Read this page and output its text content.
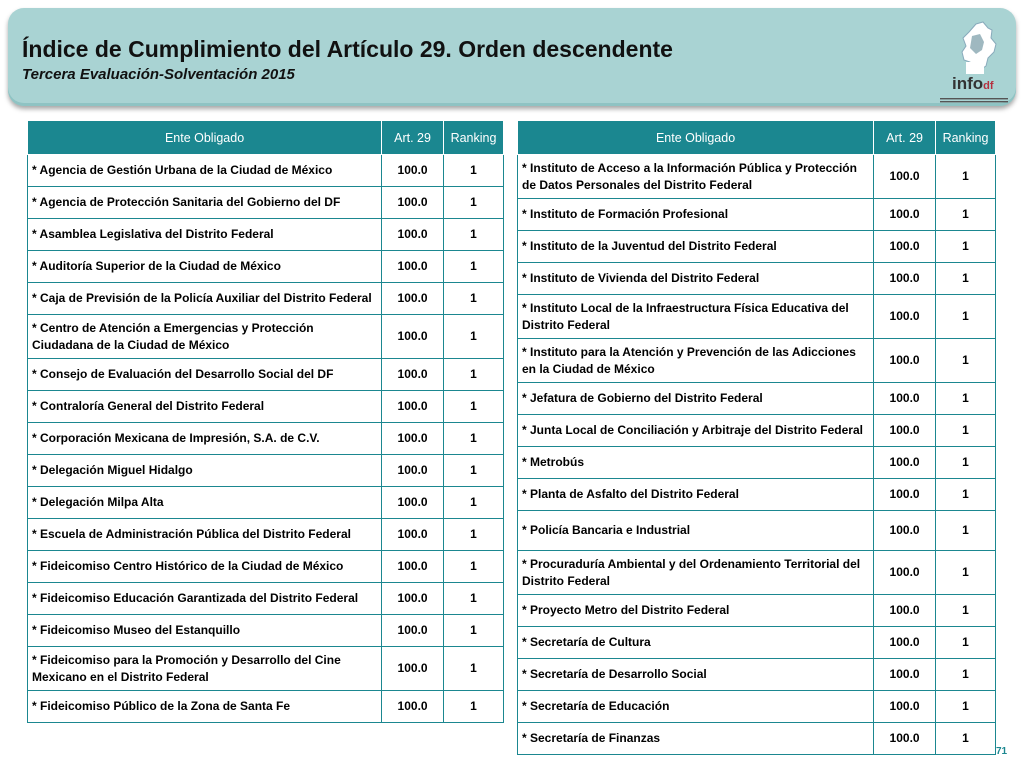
Índice de Cumplimiento del Artículo 29. Orden descendente
Tercera Evaluación-Solventación 2015	infodf
Ente Obligado	Art. 29	Ranking
* Agencia de Gestión Urbana de la Ciudad de México	100.0	1
* Agencia de Protección Sanitaria del Gobierno del DF	100.0	1
* Asamblea Legislativa del Distrito Federal	100.0	1
* Auditoría Superior de la Ciudad de México	100.0	1
* Caja de Previsión de la Policía Auxiliar del Distrito Federal	100.0	1
* Centro de Atención a Emergencias y Protección Ciudadana de la Ciudad de México	100.0	1
* Consejo de Evaluación del Desarrollo Social del DF	100.0	1
* Contraloría General del Distrito Federal	100.0	1
* Corporación Mexicana de Impresión, S.A. de C.V.	100.0	1
* Delegación Miguel Hidalgo	100.0	1
* Delegación Milpa Alta	100.0	1
* Escuela de Administración Pública del Distrito Federal	100.0	1
* Fideicomiso Centro Histórico de la Ciudad de México	100.0	1
* Fideicomiso Educación Garantizada del Distrito Federal	100.0	1
* Fideicomiso Museo del Estanquillo	100.0	1
* Fideicomiso para la Promoción y Desarrollo del Cine Mexicano en el Distrito Federal	100.0	1
* Fideicomiso Público de la Zona de Santa Fe	100.0	1
Ente Obligado	Art. 29	Ranking
* Instituto de Acceso a la Información Pública y Protección de Datos Personales del Distrito Federal	100.0	1
* Instituto de Formación Profesional	100.0	1
* Instituto de la Juventud del Distrito Federal	100.0	1
* Instituto de Vivienda del Distrito Federal	100.0	1
* Instituto Local de la Infraestructura Física Educativa del Distrito Federal	100.0	1
* Instituto para la Atención y Prevención de las Adicciones en la Ciudad de México	100.0	1
* Jefatura de Gobierno del Distrito Federal	100.0	1
* Junta Local de Conciliación y Arbitraje del Distrito Federal	100.0	1
* Metrobús	100.0	1
* Planta de Asfalto del Distrito Federal	100.0	1
* Policía Bancaria e Industrial	100.0	1
* Procuraduría Ambiental y del Ordenamiento Territorial del Distrito Federal	100.0	1
* Proyecto Metro del Distrito Federal	100.0	1
* Secretaría de Cultura	100.0	1
* Secretaría de Desarrollo Social	100.0	1
* Secretaría de Educación	100.0	1
* Secretaría de Finanzas	100.0	1
71
